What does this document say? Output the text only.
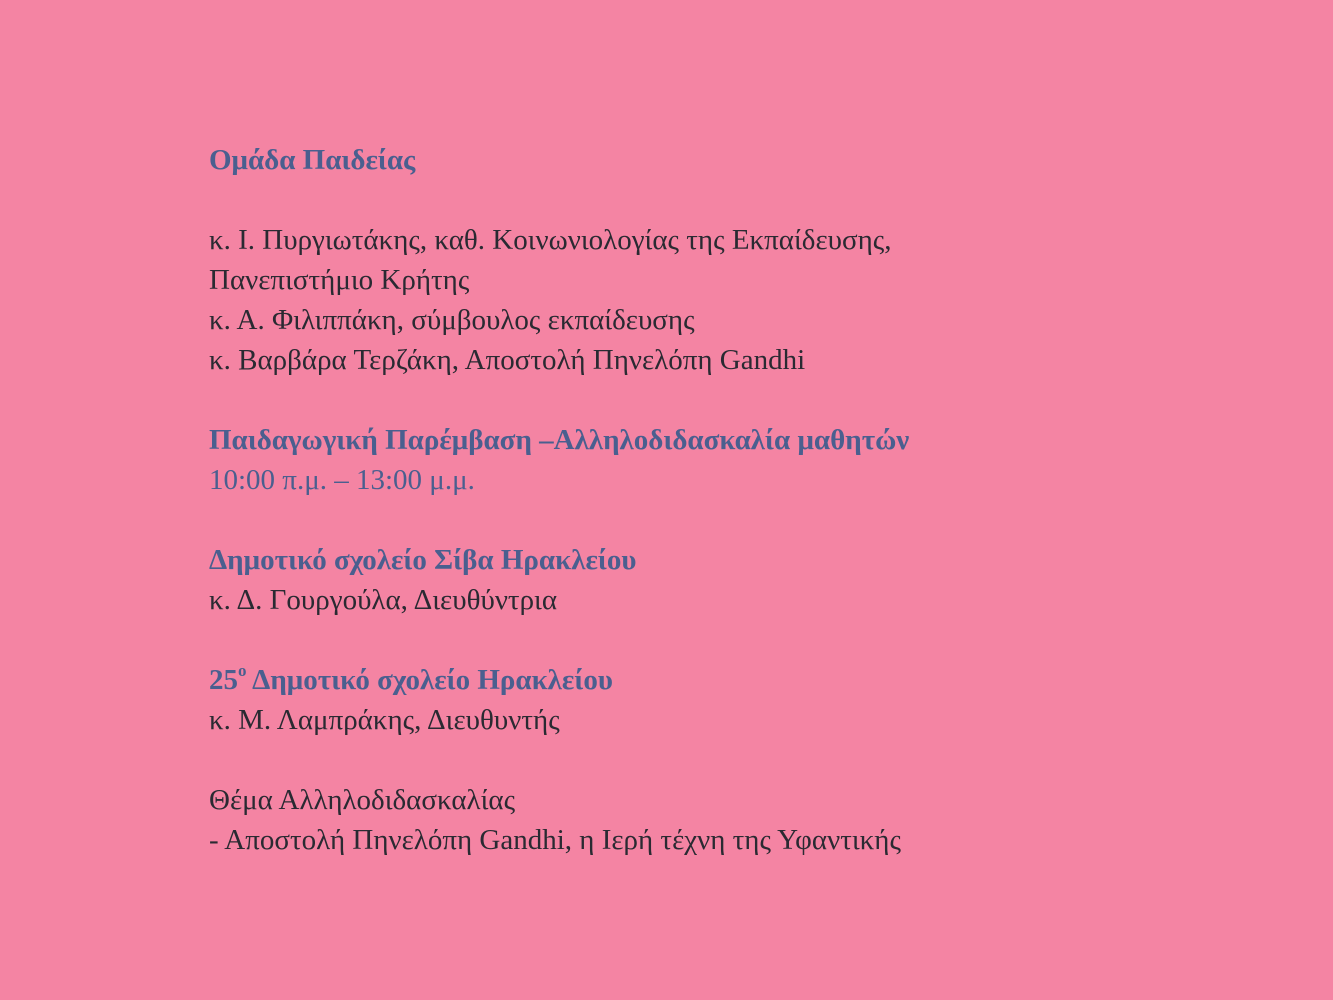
Ομάδα Παιδείας
κ. Ι. Πυργιωτάκης, καθ. Κοινωνιολογίας της Εκπαίδευσης,
Πανεπιστήμιο Κρήτης
κ. Α. Φιλιππάκη, σύμβουλος εκπαίδευσης
κ. Βαρβάρα Τερζάκη, Αποστολή Πηνελόπη Gandhi
Παιδαγωγική Παρέμβαση –Αλληλοδιδασκαλία μαθητών
10:00 π.μ. – 13:00 μ.μ.
Δημοτικό σχολείο Σίβα Ηρακλείου
κ. Δ. Γουργούλα, Διευθύντρια
$25^o$ Δημοτικό σχολείο Ηρακλείου
κ. Μ. Λαμπράκης, Διευθυντής
Θέμα Αλληλοδιδασκαλίας
- Αποστολή Πηνελόπη Gandhi, η Ιερή τέχνη της Υφαντικής
